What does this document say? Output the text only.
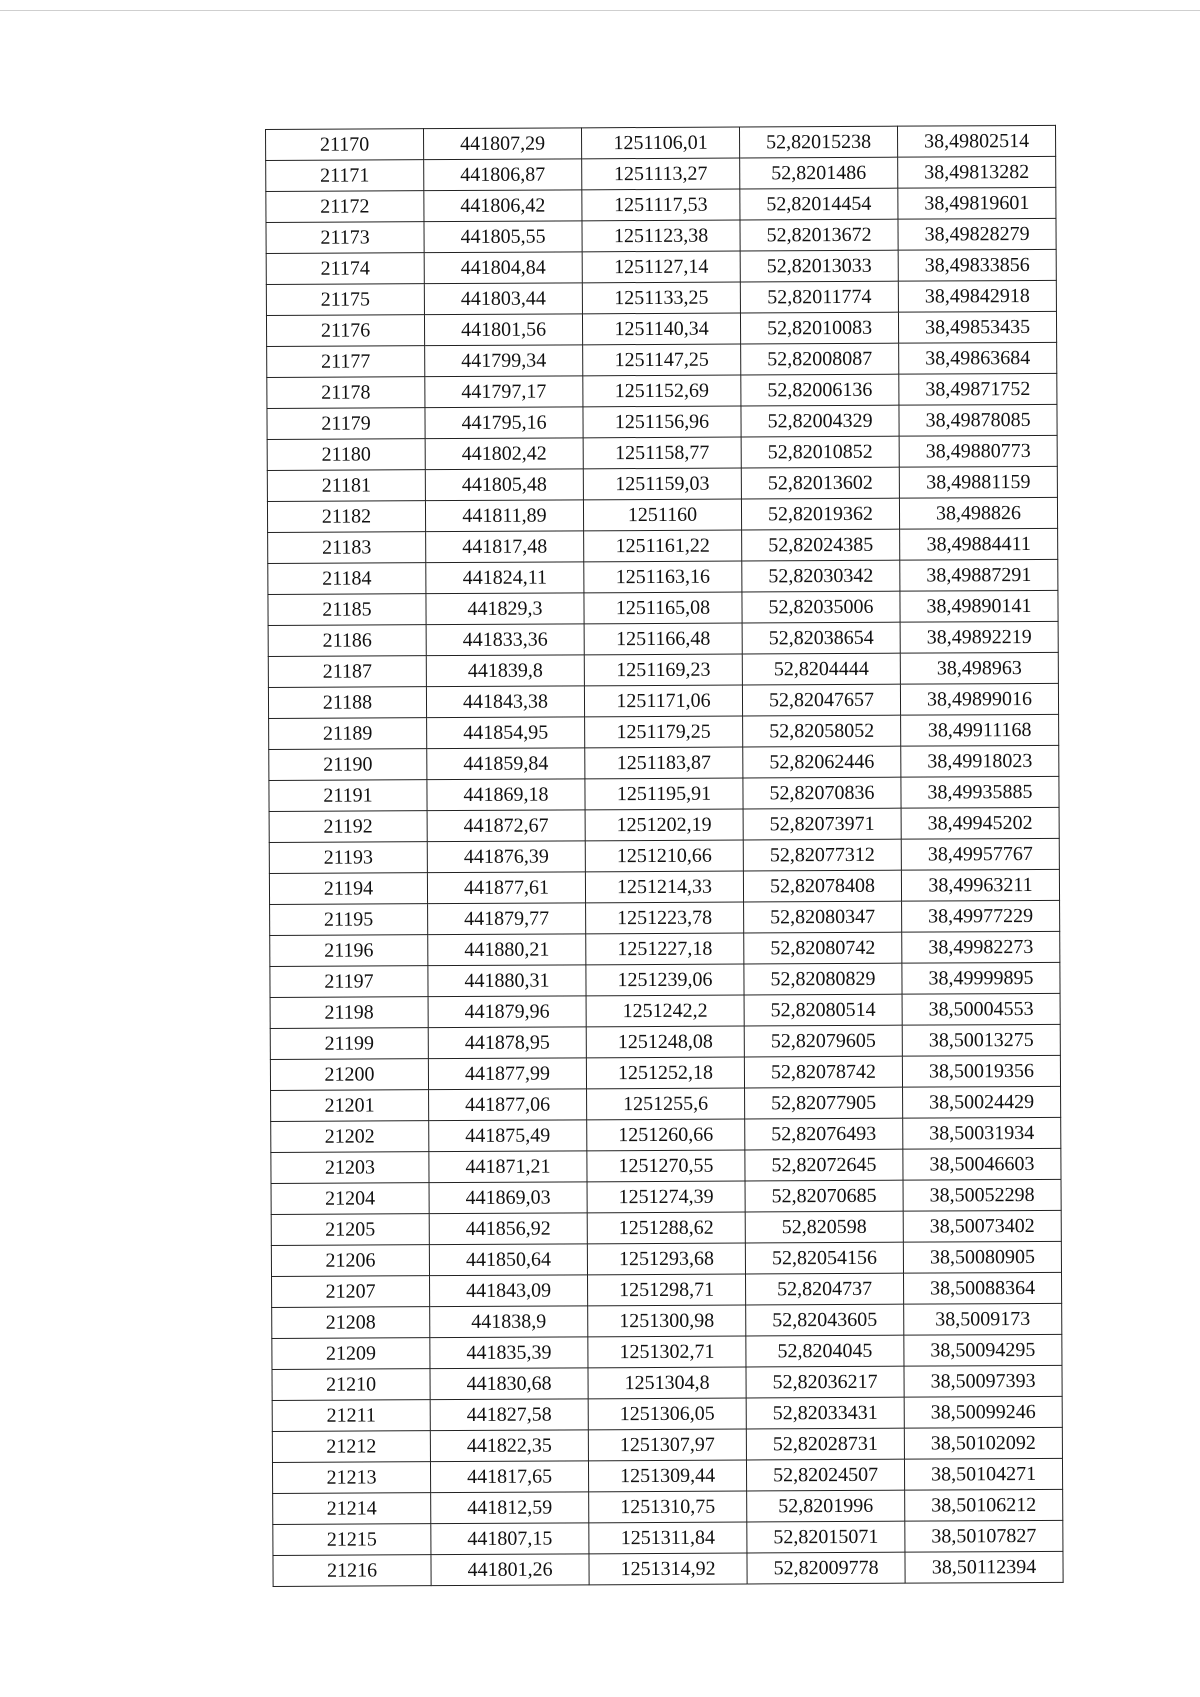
21170	441807,29	1251106,01	52,82015238	38,49802514
21171	441806,87	1251113,27	52,8201486	38,49813282
21172	441806,42	1251117,53	52,82014454	38,49819601
21173	441805,55	1251123,38	52,82013672	38,49828279
21174	441804,84	1251127,14	52,82013033	38,49833856
21175	441803,44	1251133,25	52,82011774	38,49842918
21176	441801,56	1251140,34	52,82010083	38,49853435
21177	441799,34	1251147,25	52,82008087	38,49863684
21178	441797,17	1251152,69	52,82006136	38,49871752
21179	441795,16	1251156,96	52,82004329	38,49878085
21180	441802,42	1251158,77	52,82010852	38,49880773
21181	441805,48	1251159,03	52,82013602	38,49881159
21182	441811,89	1251160	52,82019362	38,498826
21183	441817,48	1251161,22	52,82024385	38,49884411
21184	441824,11	1251163,16	52,82030342	38,49887291
21185	441829,3	1251165,08	52,82035006	38,49890141
21186	441833,36	1251166,48	52,82038654	38,49892219
21187	441839,8	1251169,23	52,8204444	38,498963
21188	441843,38	1251171,06	52,82047657	38,49899016
21189	441854,95	1251179,25	52,82058052	38,49911168
21190	441859,84	1251183,87	52,82062446	38,49918023
21191	441869,18	1251195,91	52,82070836	38,49935885
21192	441872,67	1251202,19	52,82073971	38,49945202
21193	441876,39	1251210,66	52,82077312	38,49957767
21194	441877,61	1251214,33	52,82078408	38,49963211
21195	441879,77	1251223,78	52,82080347	38,49977229
21196	441880,21	1251227,18	52,82080742	38,49982273
21197	441880,31	1251239,06	52,82080829	38,49999895
21198	441879,96	1251242,2	52,82080514	38,50004553
21199	441878,95	1251248,08	52,82079605	38,50013275
21200	441877,99	1251252,18	52,82078742	38,50019356
21201	441877,06	1251255,6	52,82077905	38,50024429
21202	441875,49	1251260,66	52,82076493	38,50031934
21203	441871,21	1251270,55	52,82072645	38,50046603
21204	441869,03	1251274,39	52,82070685	38,50052298
21205	441856,92	1251288,62	52,820598	38,50073402
21206	441850,64	1251293,68	52,82054156	38,50080905
21207	441843,09	1251298,71	52,8204737	38,50088364
21208	441838,9	1251300,98	52,82043605	38,5009173
21209	441835,39	1251302,71	52,8204045	38,50094295
21210	441830,68	1251304,8	52,82036217	38,50097393
21211	441827,58	1251306,05	52,82033431	38,50099246
21212	441822,35	1251307,97	52,82028731	38,50102092
21213	441817,65	1251309,44	52,82024507	38,50104271
21214	441812,59	1251310,75	52,8201996	38,50106212
21215	441807,15	1251311,84	52,82015071	38,50107827
21216	441801,26	1251314,92	52,82009778	38,50112394
